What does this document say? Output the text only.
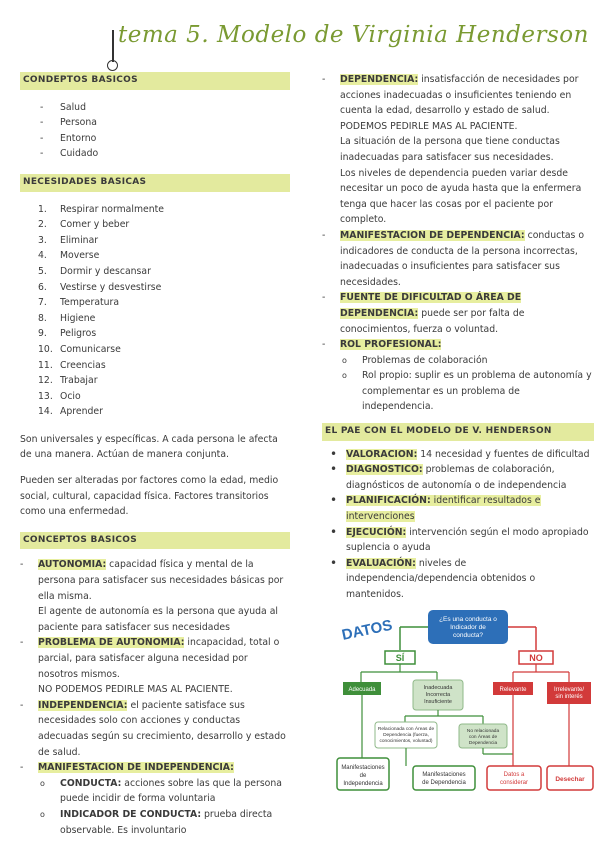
tema 5. Modelo de Virginia Henderson
CONDEPTOS BASICOS
- Salud
- Persona
- Entorno
- Cuidado
NECESIDADES BASICAS
1.	Respirar normalmente
2.	Comer y beber
3.	Eliminar
4.	Moverse
5.	Dormir y descansar
6.	Vestirse y desvestirse
7.	Temperatura
8.	Higiene
9.	Peligros
10. Comunicarse
11. Creencias
12. Trabajar
13. Ocio
14. Aprender

Son universales y específicas. A cada persona le afecta de una manera. Actúan de manera conjunta.

Pueden ser alteradas por factores como la edad, medio social, cultural, capacidad física. Factores transitorios como una enfermedad.

CONCEPTOS BASICOS
- AUTONOMIA: capacidad física y mental de la persona para satisfacer sus necesidades básicas por ella misma.
El agente de autonomía es la persona que ayuda al paciente para satisfacer sus necesidades
- PROBLEMA DE AUTONOMIA: incapacidad, total o parcial, para satisfacer alguna necesidad por nosotros mismos.
NO PODEMOS PEDIRLE MAS AL PACIENTE.
- INDEPENDENCIA: el paciente satisface sus necesidades solo con acciones y conductas adecuadas según su crecimiento, desarrollo y estado de salud.
- MANIFESTACION DE INDEPENDENCIA:
o CONDUCTA: acciones sobre las que la persona puede incidir de forma voluntaria
o INDICADOR DE CONDUCTA: prueba directa observable. Es involuntario
- DEPENDENCIA: insatisfacción de necesidades por acciones inadecuadas o insuficientes teniendo en cuenta la edad, desarrollo y estado de salud.
PODEMOS PEDIRLE MAS AL PACIENTE.
La situación de la persona que tiene conductas inadecuadas para satisfacer sus necesidades.
Los niveles de dependencia pueden variar desde necesitar un poco de ayuda hasta que la enfermera tenga que hacer las cosas por el paciente por completo.
- MANIFESTACION DE DEPENDENCIA: conductas o indicadores de conducta de la persona incorrectas, inadecuadas o insuficientes para satisfacer sus necesidades.
- FUENTE DE DIFICULTAD O ÁREA DE DEPENDENCIA: puede ser por falta de conocimientos, fuerza o voluntad.
- ROL PROFESIONAL:
o Problemas de colaboración
o Rol propio: suplir es un problema de autonomía y complementar es un problema de independencia.
EL PAE CON EL MODELO DE V. HENDERSON
• VALORACION: 14 necesidad y fuentes de dificultad
• DIAGNOSTICO: problemas de colaboración, diagnósticos de autonomía o de independencia
• PLANIFICACIÓN: identificar resultados e intervenciones
• EJECUCIÓN: intervención según el modo apropiado suplencia o ayuda
• EVALUACIÓN: niveles de independencia/dependencia obtenidos o mantenidos.
DATOS	¿Es una conducta o Indicador de conducta?
SÍ	NO
Adecuada	Inadecuada Incorrecta Insuficiente
Relevante	Irrelevante/ sin interés
Relacionada con Áreas de Dependencia (fuerza, conocimientos, voluntad)
No relacionada con Áreas de Dependencia
Manifestaciones de Independencia
Manifestaciones de Dependencia
Datos a considerar	Desechar
